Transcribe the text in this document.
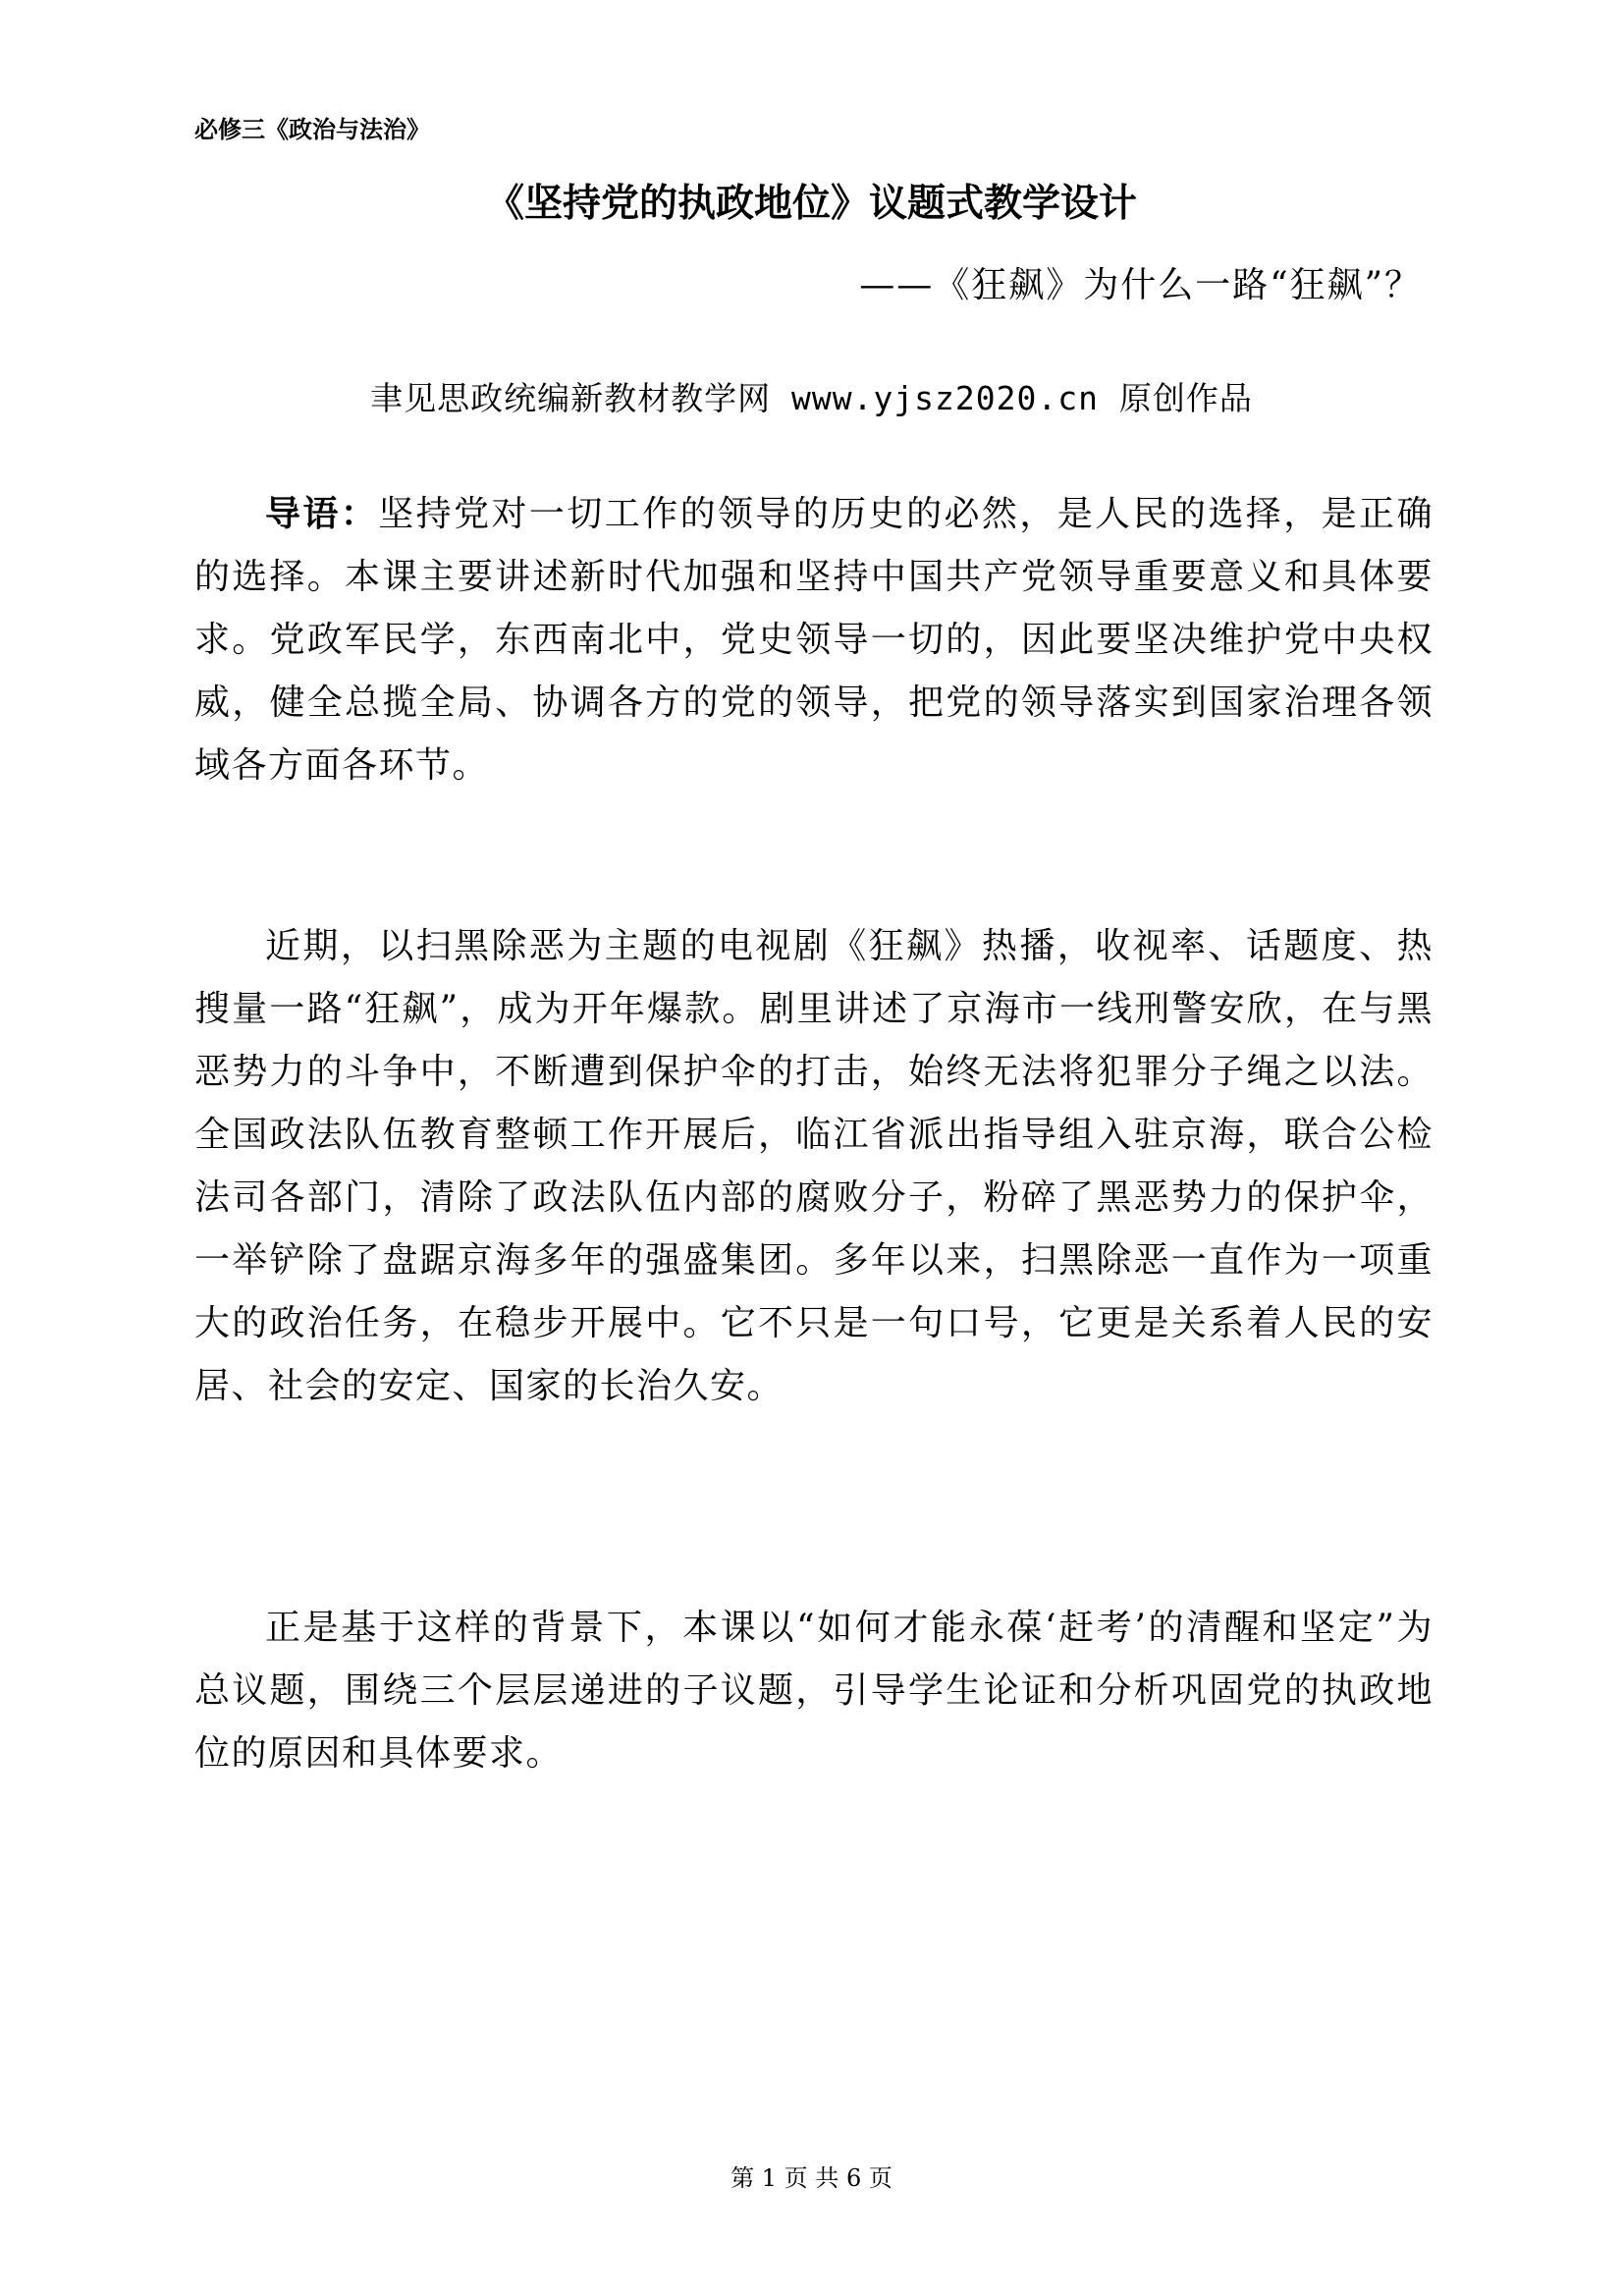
必修三《政治与法治》
《坚持党的执政地位》议题式教学设计
——《狂飙》为什么一路“狂飙”？
聿见思政统编新教材教学网 www.yjsz2020.cn 原创作品

导语：坚持党对一切工作的领导的历史的必然，是人民的选择，是正确的选择。本课主要讲述新时代加强和坚持中国共产党领导重要意义和具体要求。党政军民学，东西南北中，党史领导一切的，因此要坚决维护党中央权威，健全总揽全局、协调各方的党的领导，把党的领导落实到国家治理各领域各方面各环节。

近期，以扫黑除恶为主题的电视剧《狂飙》热播，收视率、话题度、热搜量一路“狂飙”，成为开年爆款。剧里讲述了京海市一线刑警安欣，在与黑恶势力的斗争中，不断遭到保护伞的打击，始终无法将犯罪分子绳之以法。全国政法队伍教育整顿工作开展后，临江省派出指导组入驻京海，联合公检法司各部门，清除了政法队伍内部的腐败分子，粉碎了黑恶势力的保护伞，一举铲除了盘踞京海多年的强盛集团。多年以来，扫黑除恶一直作为一项重大的政治任务，在稳步开展中。它不只是一句口号，它更是关系着人民的安居、社会的安定、国家的长治久安。

正是基于这样的背景下，本课以“如何才能永葆‘赶考’的清醒和坚定”为总议题，围绕三个层层递进的子议题，引导学生论证和分析巩固党的执政地位的原因和具体要求。

第 1 页 共 6 页
